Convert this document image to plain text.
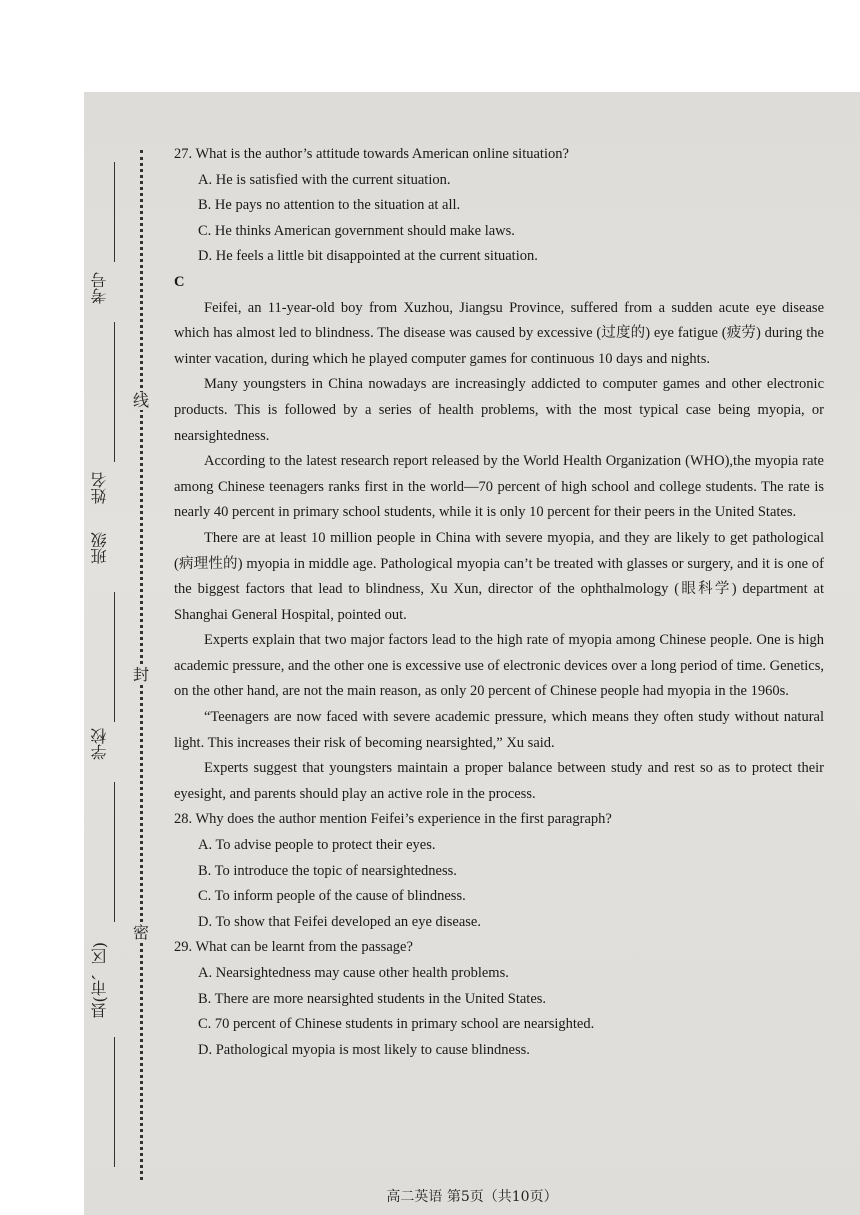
线
封
密
考号
姓名
班级
学校
县(市、区)

27. What is the author’s attitude towards American online situation?

A. He is satisfied with the current situation.

B. He pays no attention to the situation at all.

C. He thinks American government should make laws.

D. He feels a little bit disappointed at the current situation.

C

Feifei, an 11-year-old boy from Xuzhou, Jiangsu Province, suffered from a sudden acute eye disease which has almost led to blindness. The disease was caused by excessive (过度的) eye fatigue (疲劳) during the winter vacation, during which he played computer games for continuous 10 days and nights.

Many youngsters in China nowadays are increasingly addicted to computer games and other electronic products. This is followed by a series of health problems, with the most typical case being myopia, or nearsightedness.

According to the latest research report released by the World Health Organization (WHO),the myopia rate among Chinese teenagers ranks first in the world—70 percent of high school and college students. The rate is nearly 40 percent in primary school students, while it is only 10 percent for their peers in the United States.

There are at least 10 million people in China with severe myopia, and they are likely to get pathological (病理性的) myopia in middle age. Pathological myopia can’t be treated with glasses or surgery, and it is one of the biggest factors that lead to blindness, Xu Xun, director of the ophthalmology (眼科学) department at Shanghai General Hospital, pointed out.

Experts explain that two major factors lead to the high rate of myopia among Chinese people. One is high academic pressure, and the other one is excessive use of electronic devices over a long period of time. Genetics, on the other hand, are not the main reason, as only 20 percent of Chinese people had myopia in the 1960s.

“Teenagers are now faced with severe academic pressure, which means they often study without natural light. This increases their risk of becoming nearsighted,” Xu said.

Experts suggest that youngsters maintain a proper balance between study and rest so as to protect their eyesight, and parents should play an active role in the process.

28. Why does the author mention Feifei’s experience in the first paragraph?

A. To advise people to protect their eyes.

B. To introduce the topic of nearsightedness.

C. To inform people of the cause of blindness.

D. To show that Feifei developed an eye disease.

29. What can be learnt from the passage?

A. Nearsightedness may cause other health problems.

B. There are more nearsighted students in the United States.

C. 70 percent of Chinese students in primary school are nearsighted.

D. Pathological myopia is most likely to cause blindness.

高二英语 第5页（共10页）
